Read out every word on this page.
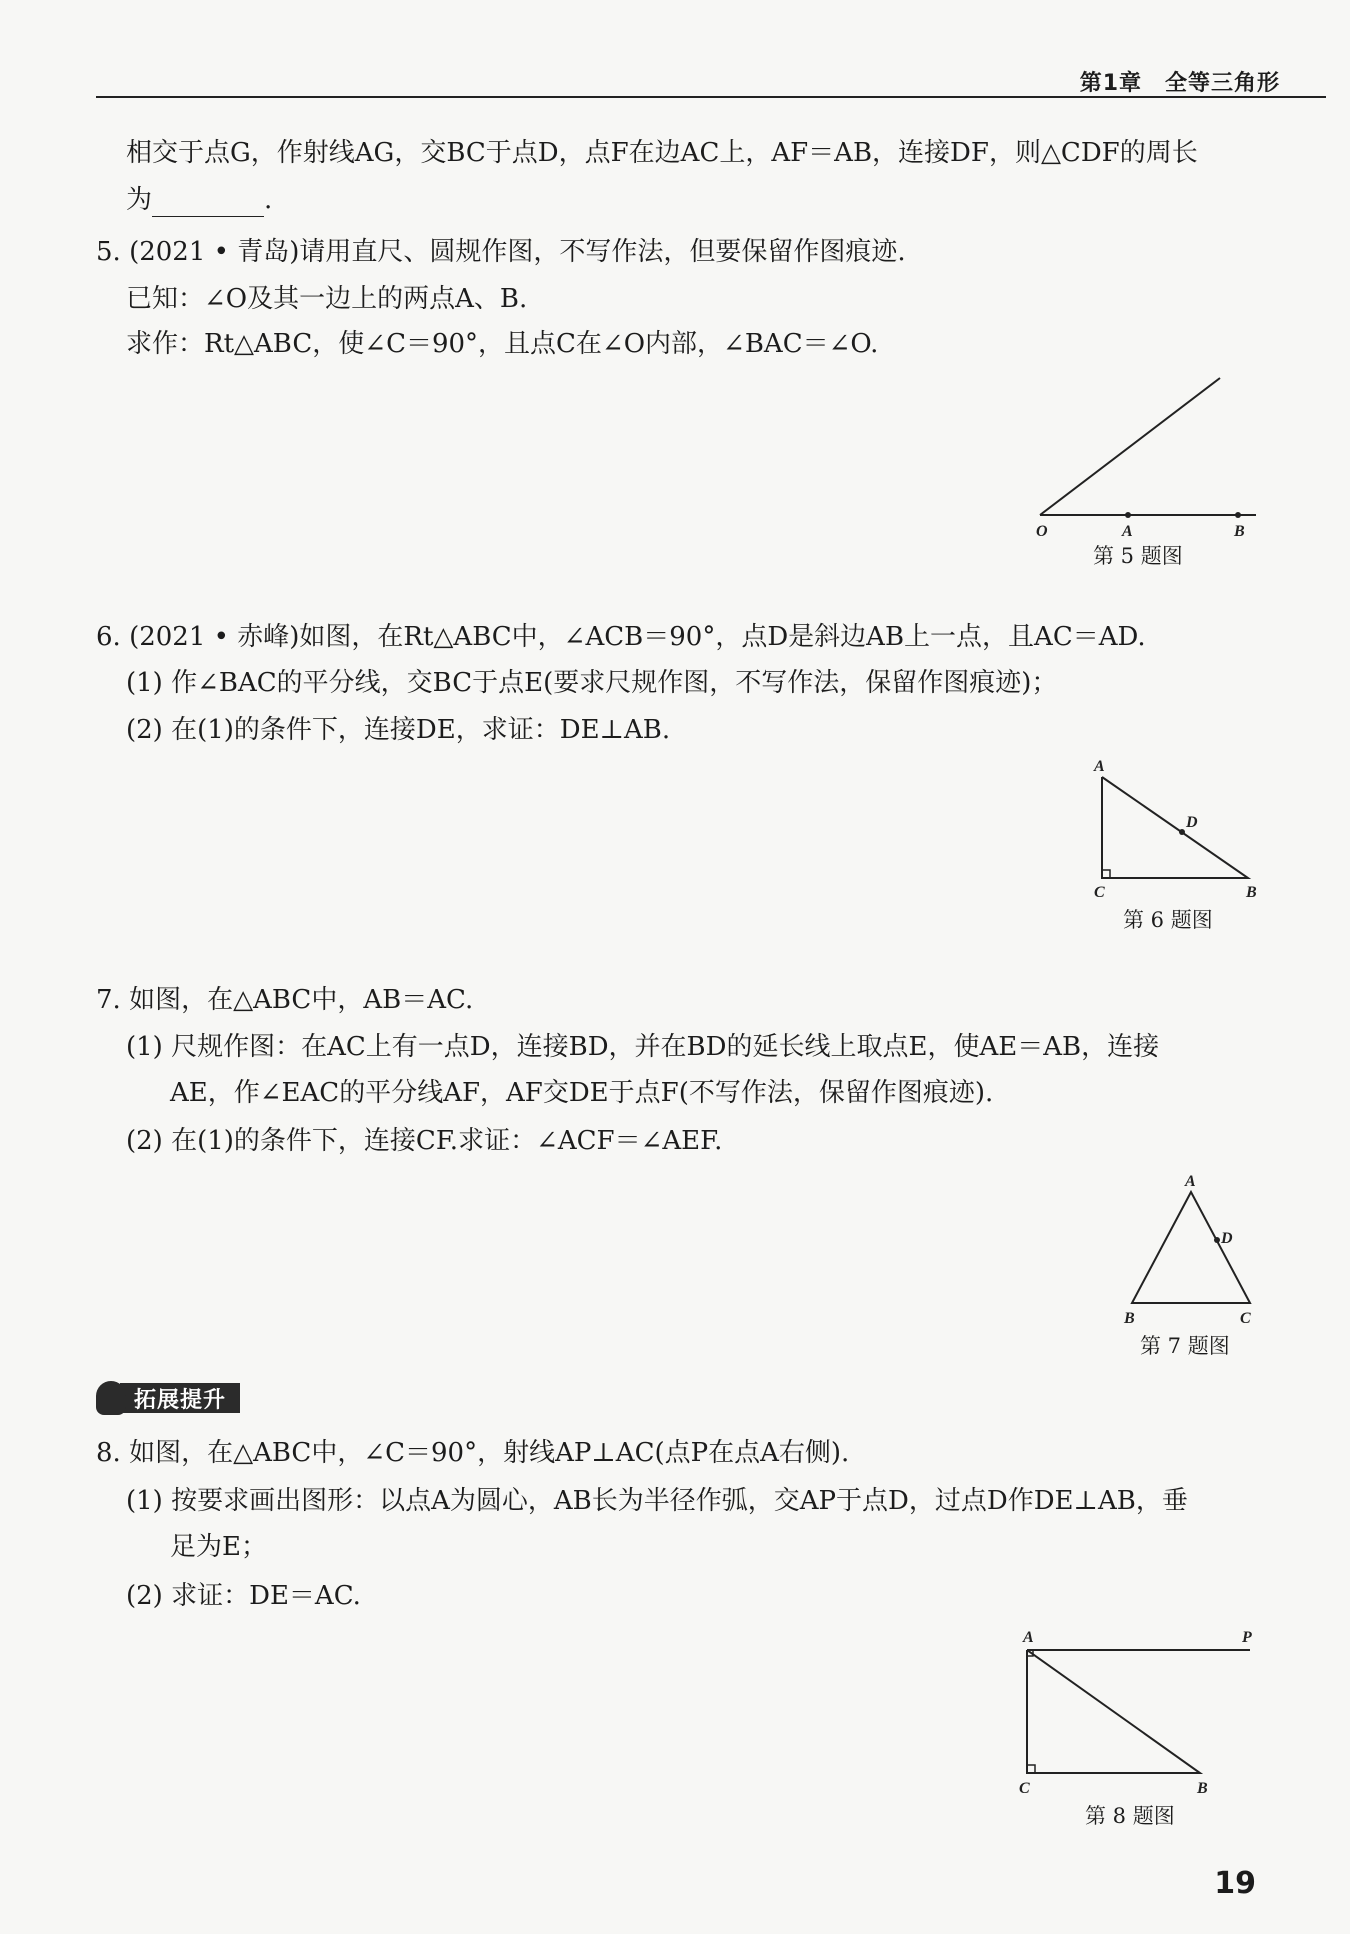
第1章　全等三角形
相交于点G，作射线AG，交BC于点D，点F在边AC上，AF＝AB，连接DF，则△CDF的周长
为	.
5. (2021 • 青岛)请用直尺、圆规作图，不写作法，但要保留作图痕迹.
已知：∠O及其一边上的两点A、B.
求作：Rt△ABC，使∠C＝90°，且点C在∠O内部，∠BAC＝∠O.
O	A	B
第 5 题图
6. (2021 • 赤峰)如图，在Rt△ABC中，∠ACB＝90°，点D是斜边AB上一点，且AC＝AD.
(1) 作∠BAC的平分线，交BC于点E(要求尺规作图，不写作法，保留作图痕迹)；
(2) 在(1)的条件下，连接DE，求证：DE⊥AB.
A
D
C	B
第 6 题图
7. 如图，在△ABC中，AB＝AC.
(1) 尺规作图：在AC上有一点D，连接BD，并在BD的延长线上取点E，使AE＝AB，连接
AE，作∠EAC的平分线AF，AF交DE于点F(不写作法，保留作图痕迹).
(2) 在(1)的条件下，连接CF.求证：∠ACF＝∠AEF.
A
D
B	C
第 7 题图
拓展提升
8. 如图，在△ABC中，∠C＝90°，射线AP⊥AC(点P在点A右侧).
(1) 按要求画出图形：以点A为圆心，AB长为半径作弧，交AP于点D，过点D作DE⊥AB，垂
足为E；
(2) 求证：DE＝AC.
A	P
C	B
第 8 题图
19
